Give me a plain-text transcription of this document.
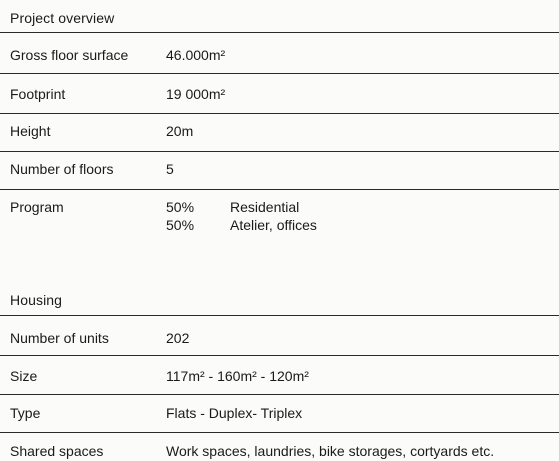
Project overview
Gross floor surface	46.000m²
Footprint	19 000m²
Height	20m
Number of floors	5
Program	50%	Residential
50%	Atelier, offices
Housing
Number of units	202
Size	117m² - 160m² - 120m²
Type	Flats - Duplex- Triplex
Shared spaces	Work spaces, laundries, bike storages, cortyards etc.
